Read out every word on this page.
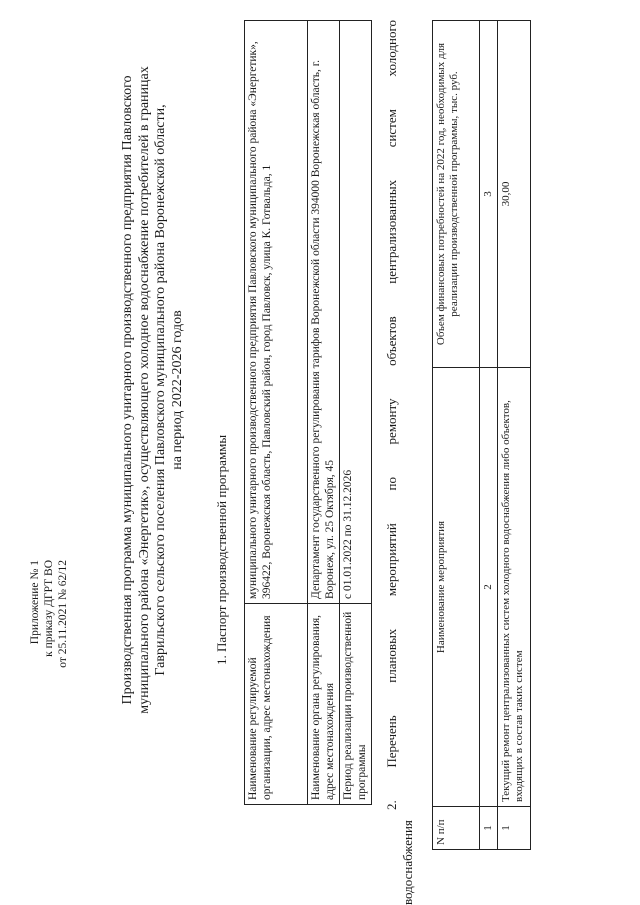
Приложение № 1 к приказу ДГРТ ВО от 25.11.2021 № 62/12	Производственная программа муниципального унитарного производственного предприятия Павловского муниципального района «Энергетик», осуществляющего холодное водоснабжение потребителей в границах Гаврильского сельского поселения Павловского муниципального района Воронежской области, на период 2022-2026 годов
1. Паспорт производственной программы
Наименование регулируемой организации, адрес местонахождения	муниципального унитарного производственного предприятия Павловского муниципального района «Энергетик», 396422, Воронежская область, Павловский район, город Павловск, улица К. Готвальда, 1
Наименование органа регулирования, адрес местонахождения	Департамент государственного регулирования тарифов Воронежской области 394000 Воронежская область, г. Воронеж, ул. 25 Октября, 45
Период реализации производственной программы	с 01.01.2022 по 31.12.2026 2. Перечень плановых мероприятий по ремонту объектов централизованных систем холодного
водоснабжения N п/п	Наименование мероприятия	Объем финансовых потребностей на 2022 год, необходимых для реализации производственной программы, тыс. руб.
1	2	3
1	Текущий ремонт централизованных систем холодного водоснабжения либо объектов, входящих в состав таких систем	30,00
